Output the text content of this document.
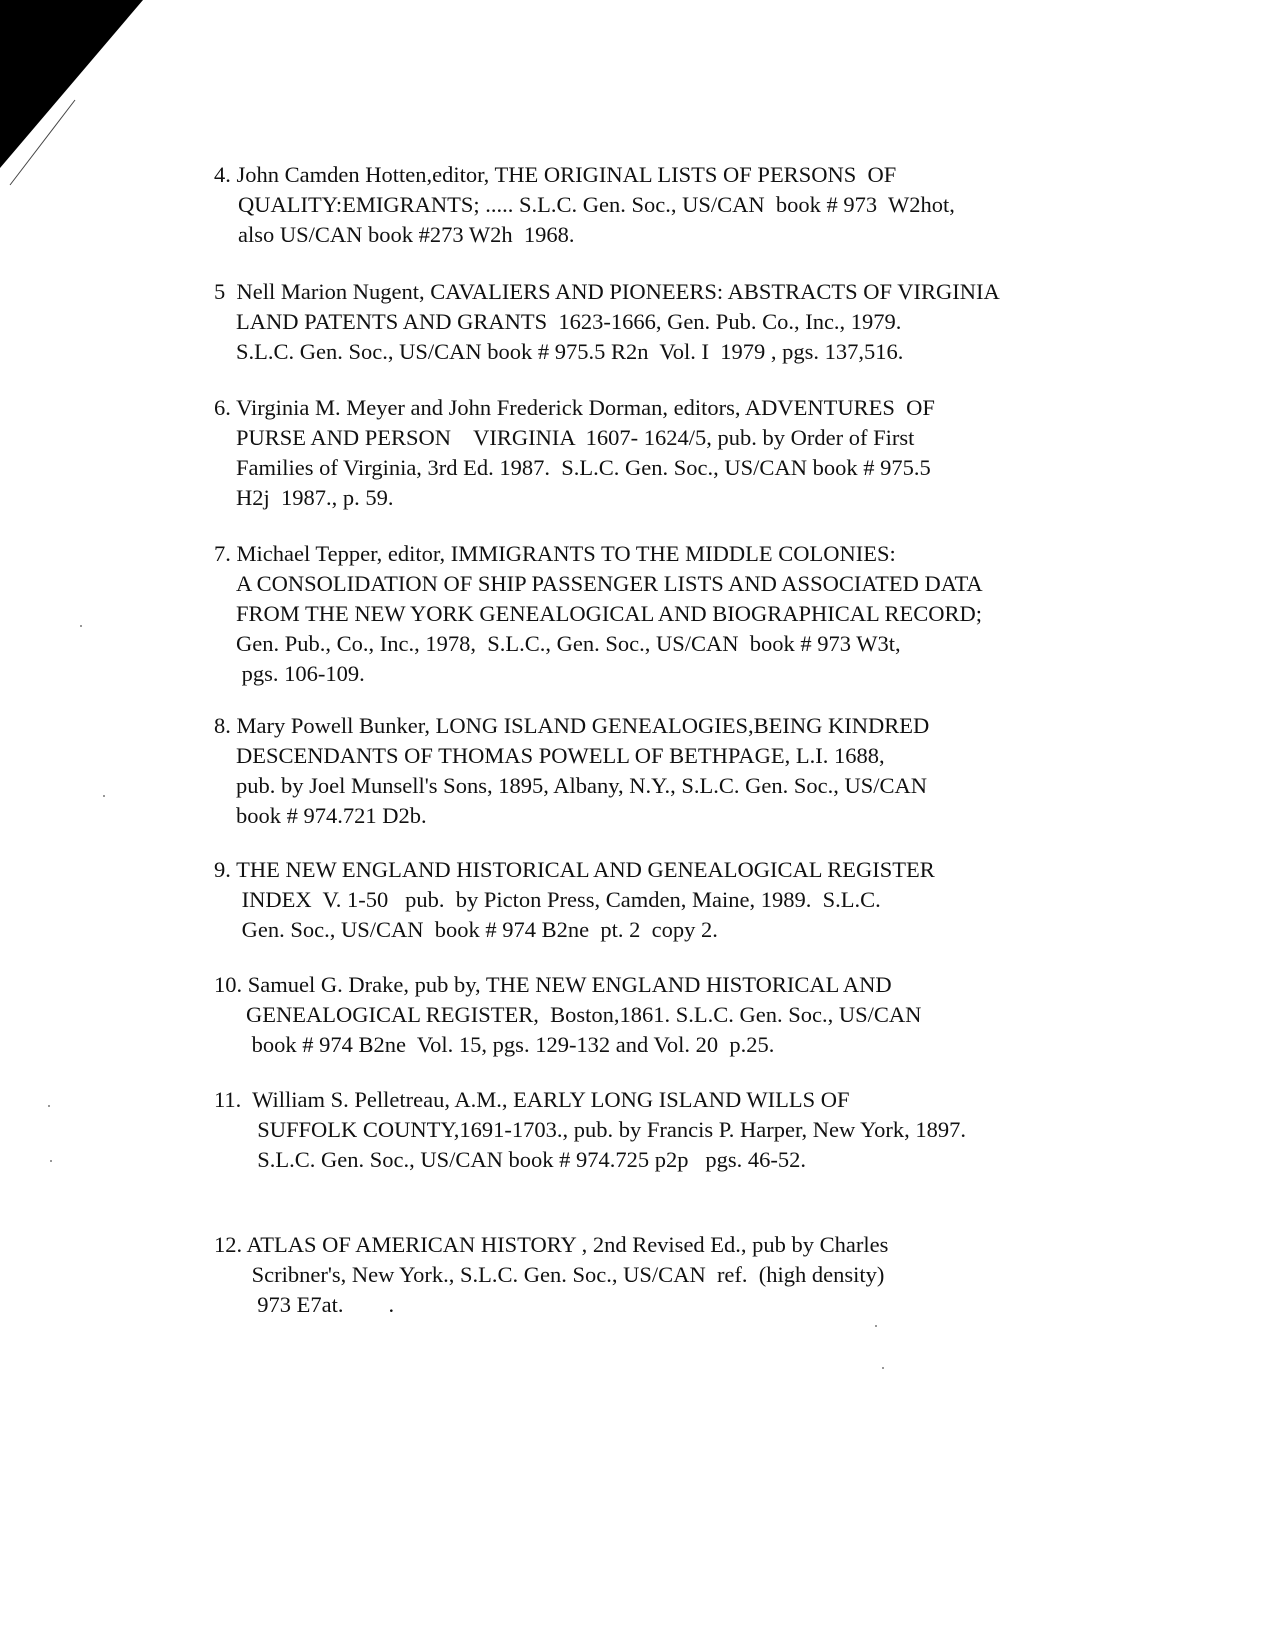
4. John Camden Hotten,editor, THE ORIGINAL LISTS OF PERSONS  OF
QUALITY:EMIGRANTS; ..... S.L.C. Gen. Soc., US/CAN  book # 973  W2hot,
also US/CAN book #273 W2h  1968.
5 Nell Marion Nugent, CAVALIERS AND PIONEERS: ABSTRACTS OF VIRGINIA
LAND PATENTS AND GRANTS  1623-1666, Gen. Pub. Co., Inc., 1979.
S.L.C. Gen. Soc., US/CAN book # 975.5 R2n  Vol. I  1979 , pgs. 137,516.
6. Virginia M. Meyer and John Frederick Dorman, editors, ADVENTURES  OF
PURSE AND PERSON    VIRGINIA  1607- 1624/5, pub. by Order of First
Families of Virginia, 3rd Ed. 1987.  S.L.C. Gen. Soc., US/CAN book # 975.5
H2j  1987., p. 59.
7. Michael Tepper, editor, IMMIGRANTS TO THE MIDDLE COLONIES:
A CONSOLIDATION OF SHIP PASSENGER LISTS AND ASSOCIATED DATA
FROM THE NEW YORK GENEALOGICAL AND BIOGRAPHICAL RECORD;
Gen. Pub., Co., Inc., 1978,  S.L.C., Gen. Soc., US/CAN  book # 973 W3t,
pgs. 106-109.
8. Mary Powell Bunker, LONG ISLAND GENEALOGIES,BEING KINDRED
DESCENDANTS OF THOMAS POWELL OF BETHPAGE, L.I. 1688,
pub. by Joel Munsell's Sons, 1895, Albany, N.Y., S.L.C. Gen. Soc., US/CAN
book # 974.721 D2b.
9. THE NEW ENGLAND HISTORICAL AND GENEALOGICAL REGISTER
INDEX  V. 1-50   pub.  by Picton Press, Camden, Maine, 1989.  S.L.C.
Gen. Soc., US/CAN  book # 974 B2ne  pt. 2  copy 2.
10. Samuel G. Drake, pub by, THE NEW ENGLAND HISTORICAL AND
GENEALOGICAL REGISTER,  Boston,1861. S.L.C. Gen. Soc., US/CAN
book # 974 B2ne  Vol. 15, pgs. 129-132 and Vol. 20  p.25.
11.  William S. Pelletreau, A.M., EARLY LONG ISLAND WILLS OF
SUFFOLK COUNTY,1691-1703., pub. by Francis P. Harper, New York, 1897.
S.L.C. Gen. Soc., US/CAN book # 974.725 p2p   pgs. 46-52.
12. ATLAS OF AMERICAN HISTORY , 2nd Revised Ed., pub by Charles
Scribner's, New York., S.L.C. Gen. Soc., US/CAN  ref.  (high density)
973 E7at.        .
